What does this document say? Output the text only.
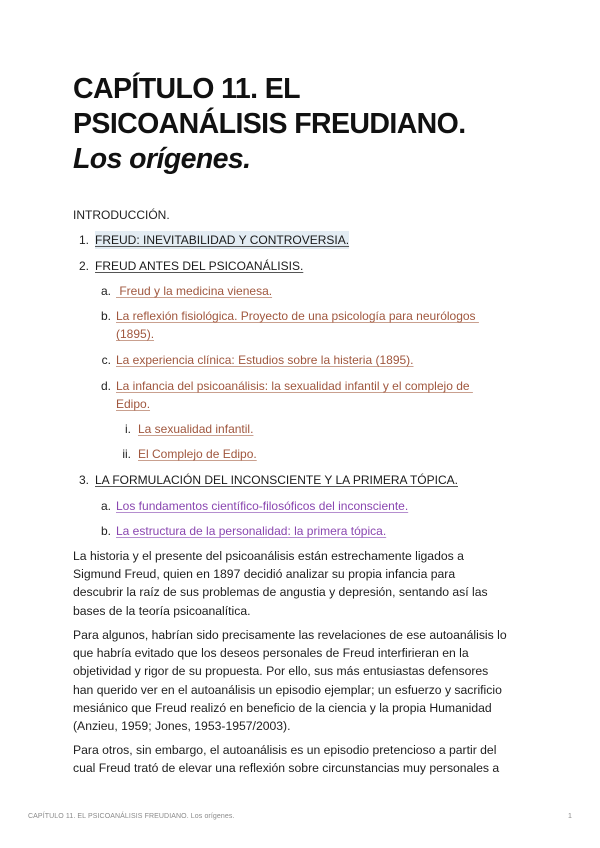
CAPÍTULO 11. EL
PSICOANÁLISIS FREUDIANO.
Los orígenes.
INTRODUCCIÓN.
1. FREUD: INEVITABILIDAD Y CONTROVERSIA.
2. FREUD ANTES DEL PSICOANÁLISIS.
a. Freud y la medicina vienesa.
b. La reflexión fisiológica. Proyecto de una psicología para neurólogos
(1895).
c. La experiencia clínica: Estudios sobre la histeria (1895).
d. La infancia del psicoanálisis: la sexualidad infantil y el complejo de
Edipo.
i. La sexualidad infantil.
ii. El Complejo de Edipo.
3. LA FORMULACIÓN DEL INCONSCIENTE Y LA PRIMERA TÓPICA.
a. Los fundamentos científico-filosóficos del inconsciente.
b. La estructura de la personalidad: la primera tópica.
La historia y el presente del psicoanálisis están estrechamente ligados a
Sigmund Freud, quien en 1897 decidió analizar su propia infancia para
descubrir la raíz de sus problemas de angustia y depresión, sentando así las
bases de la teoría psicoanalítica.
Para algunos, habrían sido precisamente las revelaciones de ese autoanálisis lo
que habría evitado que los deseos personales de Freud interfirieran en la
objetividad y rigor de su propuesta. Por ello, sus más entusiastas defensores
han querido ver en el autoanálisis un episodio ejemplar; un esfuerzo y sacrificio
mesiánico que Freud realizó en beneficio de la ciencia y la propia Humanidad
(Anzieu, 1959; Jones, 1953-1957/2003).
Para otros, sin embargo, el autoanálisis es un episodio pretencioso a partir del
cual Freud trató de elevar una reflexión sobre circunstancias muy personales a
CAPÍTULO 11. EL PSICOANÁLISIS FREUDIANO. Los orígenes.	1
